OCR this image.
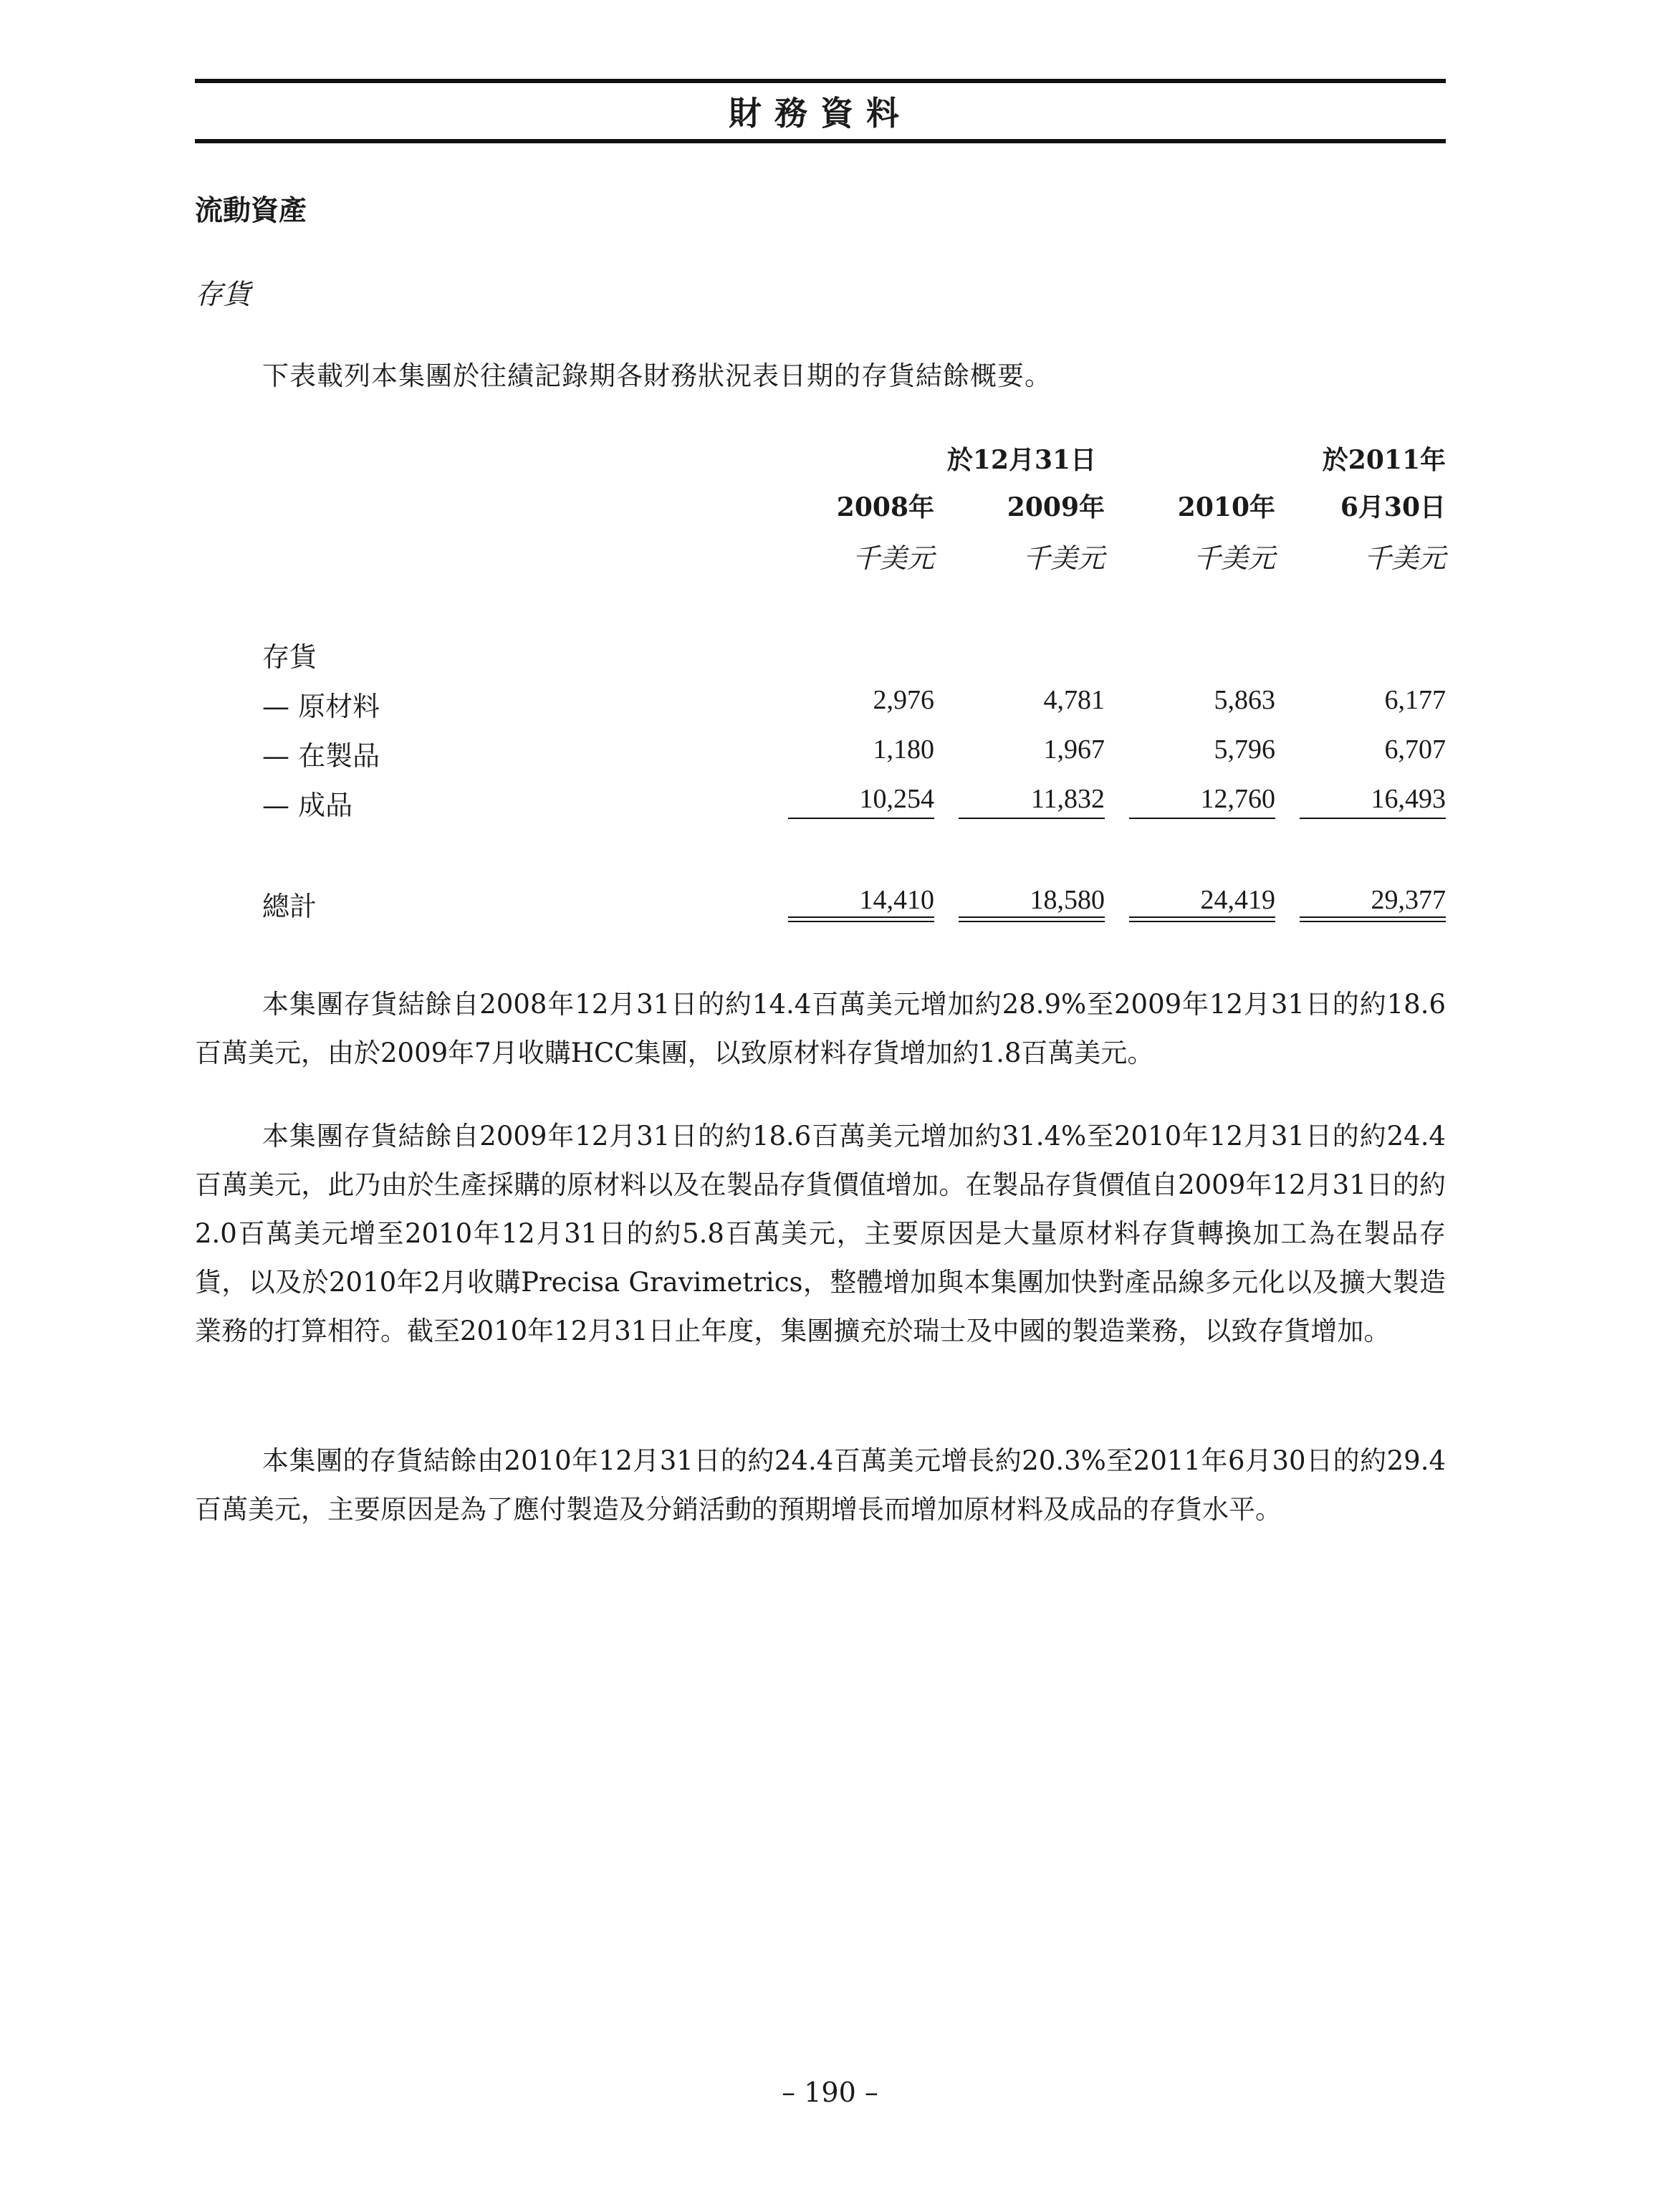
財務資料
流動資產
存貨
下表載列本集團於往績記錄期各財務狀況表日期的存貨結餘概要。
於12月31日	於2011年
2008年	2009年	2010年	6月30日
千美元	千美元	千美元	千美元
存貨
— 原材料	2,976	4,781	5,863	6,177
— 在製品	1,180	1,967	5,796	6,707
— 成品	10,254	11,832	12,760	16,493
總計	14,410	18,580	24,419	29,377
本集團存貨結餘自2008年12月31日的約14.4百萬美元增加約28.9%至2009年12月31日的約18.6百萬美元，由於2009年7月收購HCC集團，以致原材料存貨增加約1.8百萬美元。
本集團存貨結餘自2009年12月31日的約18.6百萬美元增加約31.4%至2010年12月31日的約24.4百萬美元，此乃由於生產採購的原材料以及在製品存貨價值增加。在製品存貨價值自2009年12月31日的約2.0百萬美元增至2010年12月31日的約5.8百萬美元，主要原因是大量原材料存貨轉換加工為在製品存貨，以及於2010年2月收購Precisa Gravimetrics，整體增加與本集團加快對產品線多元化以及擴大製造業務的打算相符。截至2010年12月31日止年度，集團擴充於瑞士及中國的製造業務，以致存貨增加。
本集團的存貨結餘由2010年12月31日的約24.4百萬美元增長約20.3%至2011年6月30日的約29.4百萬美元，主要原因是為了應付製造及分銷活動的預期增長而增加原材料及成品的存貨水平。
– 190 –
